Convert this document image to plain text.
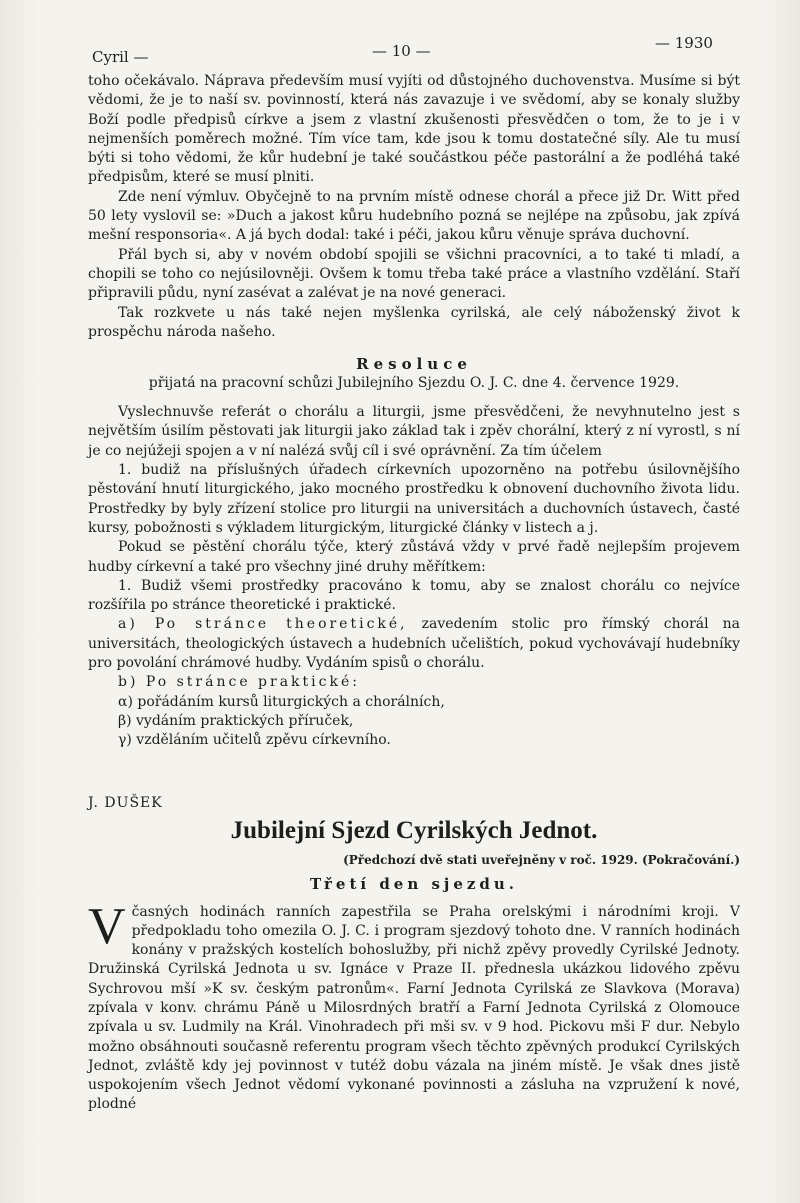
Cyril —	— 10 —	— 1930

toho očekávalo. Náprava především musí vyjíti od důstojného duchovenstva. Musíme si být vědomi, že je to naší sv. povinností, která nás zavazuje i ve svědomí, aby se konaly služby Boží podle předpisů církve a jsem z vlastní zkušenosti přesvědčen o tom, že to je i v nejmenších poměrech možné. Tím více tam, kde jsou k tomu dostatečné síly. Ale tu musí býti si toho vědomi, že kůr hudební je také součástkou péče pastorální a že podléhá také předpisům, které se musí plniti.

Zde není výmluv. Obyčejně to na prvním místě odnese chorál a přece již Dr. Witt před 50 lety vyslovil se: »Duch a jakost kůru hudebního pozná se nejlépe na způsobu, jak zpívá mešní responsoria«. A já bych dodal: také i péči, jakou kůru věnuje správa duchovní.

Přál bych si, aby v novém období spojili se všichni pracovníci, a to také ti mladí, a chopili se toho co nejúsilovněji. Ovšem k tomu třeba také práce a vlastního vzdělání. Staří připravili půdu, nyní zasévat a zalévat je na nové generaci.

Tak rozkvete u nás také nejen myšlenka cyrilská, ale celý náboženský život k prospěchu národa našeho.

Resoluce
přijatá na pracovní schůzi Jubilejního Sjezdu O. J. C. dne 4. července 1929.

Vyslechnuvše referát o chorálu a liturgii, jsme přesvědčeni, že nevyhnutelno jest s největším úsilím pěstovati jak liturgii jako základ tak i zpěv chorální, který z ní vyrostl, s ní je co nejúžeji spojen a v ní nalézá svůj cíl i své oprávnění. Za tím účelem

1. budiž na příslušných úřadech církevních upozorněno na potřebu úsilovnějšího pěstování hnutí liturgického, jako mocného prostředku k obnovení duchovního života lidu. Prostředky by byly zřízení stolice pro liturgii na universitách a duchovních ústavech, časté kursy, pobožnosti s výkladem liturgickým, liturgické články v listech a j.

Pokud se pěstění chorálu týče, který zůstává vždy v prvé řadě nejlepším projevem hudby církevní a také pro všechny jiné druhy měřítkem:

1. Budiž všemi prostředky pracováno k tomu, aby se znalost chorálu co nejvíce rozšířila po stránce theoretické i praktické.

a) Po stránce theoretické, zavedením stolic pro římský chorál na universitách, theologických ústavech a hudebních učelištích, pokud vychovávají hudebníky pro povolání chrámové hudby. Vydáním spisů o chorálu.

b) Po stránce praktické:

α) pořádáním kursů liturgických a chorálních,

β) vydáním praktických příruček,

γ) vzděláním učitelů zpěvu církevního.

J. DUŠEK
Jubilejní Sjezd Cyrilských Jednot.
(Předchozí dvě stati uveřejněny v roč. 1929. (Pokračování.)
Třetí den sjezdu.

Včasných hodinách ranních zapestřila se Praha orelskými i národními kroji. V předpokladu toho omezila O. J. C. i program sjezdový tohoto dne. V ranních hodinách konány v pražských kostelích bohoslužby, při nichž zpěvy provedly Cyrilské Jednoty. Družinská Cyrilská Jednota u sv. Ignáce v Praze II. přednesla ukázkou lidového zpěvu Sychrovou mší »K sv. českým patronům«. Farní Jednota Cyrilská ze Slavkova (Morava) zpívala v konv. chrámu Páně u Milosrdných bratří a Farní Jednota Cyrilská z Olomouce zpívala u sv. Ludmily na Král. Vinohradech při mši sv. v 9 hod. Pickovu mši F dur. Nebylo možno obsáhnouti současně referentu program všech těchto zpěvných produkcí Cyrilských Jednot, zvláště kdy jej povinnost v tutéž dobu vázala na jiném místě. Je však dnes jistě uspokojením všech Jednot vědomí vykonané povinnosti a zásluha na vzpružení k nové, plodné
